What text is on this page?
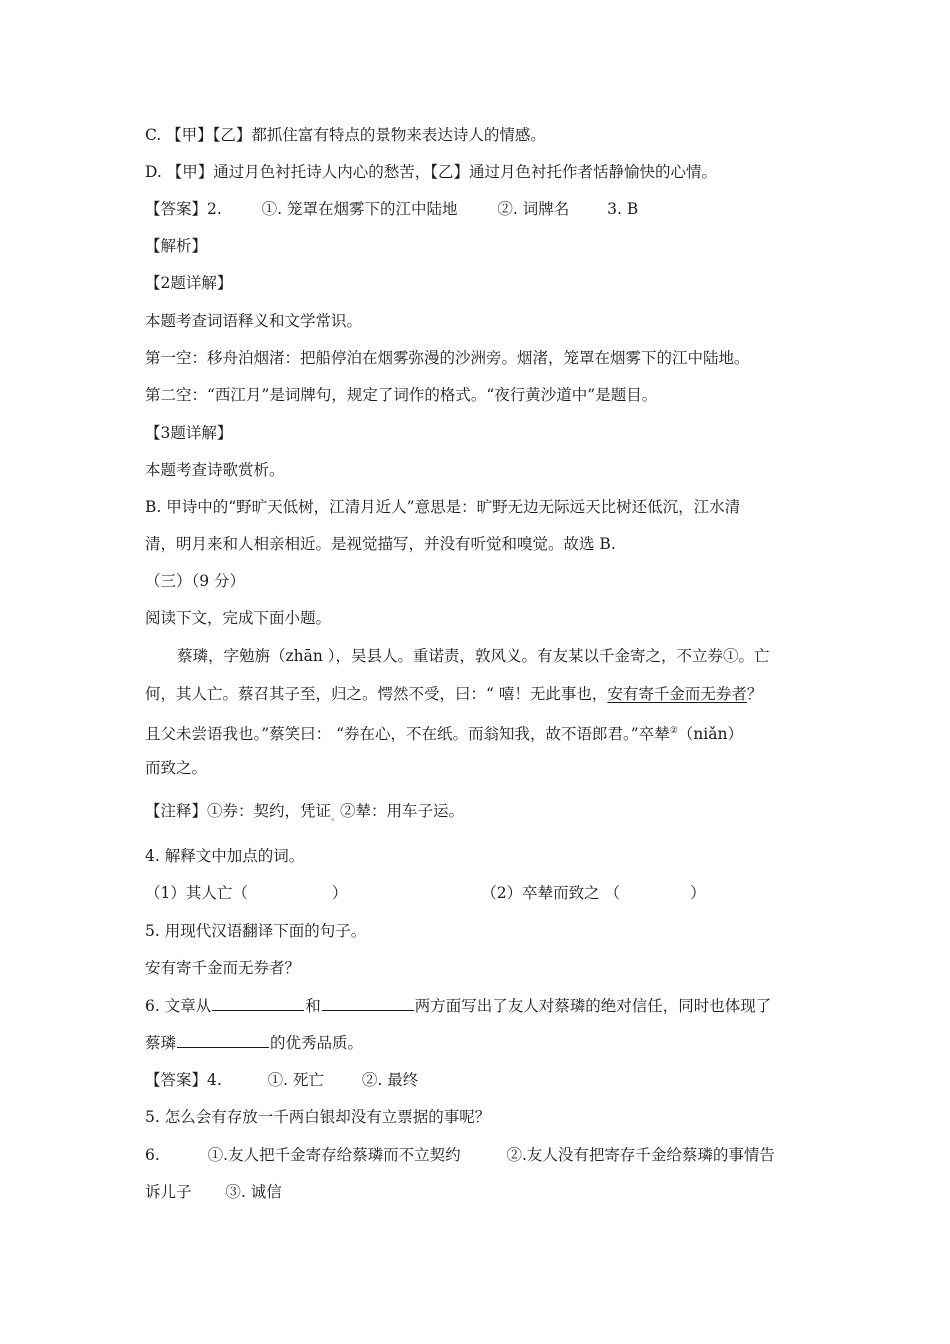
C. 【甲】【乙】都抓住富有特点的景物来表达诗人的情感。
D. 【甲】通过月色衬托诗人内心的愁苦，【乙】通过月色衬托作者恬静愉快的心情。
【答案】2.	①. 笼罩在烟雾下的江中陆地	②. 词牌名 3. B
【解析】
【2题详解】
本题考查词语释义和文学常识。
第一空：移舟泊烟渚：把船停泊在烟雾弥漫的沙洲旁。烟渚，笼罩在烟雾下的江中陆地。
第二空：“西江月”是词牌句，规定了词作的格式。“夜行黄沙道中”是题目。
【3题详解】
本题考查诗歌赏析。
B. 甲诗中的“野旷天低树，江清月近人”意思是：旷野无边无际远天比树还低沉，江水清
清，明月来和人相亲相近。是视觉描写，并没有听觉和嗅觉。故选 B.
（三）（9 分）
阅读下文，完成下面小题。
蔡璘，字勉旃（zhān ），吴县人。重诺责，敦风义。有友某以千金寄之，不立券①。亡
何，其人亡。蔡召其子至，归之。愕然不受，曰：“ 嘻！无此事也，安有寄千金而无券者？
且父未尝语我也。”蔡笑曰： “券在心，不在纸。而翁知我，故不语郎君。”卒辇②（niǎn）
而致之。
【注释】①券：契约，凭证$_。$②辇：用车子运。
4. 解释文中加点的词。
（1）其人亡（	）	（2）卒辇而致之 （	）
5. 用现代汉语翻译下面的句子。
安有寄千金而无券者？
6. 文章从	和	两方面写出了友人对蔡璘的绝对信任，同时也体现了
蔡璘	的优秀品质。
【答案】4.	①. 死亡 ②. 最终
5. 怎么会有存放一千两白银却没有立票据的事呢？
6.	①.友人把千金寄存给蔡璘而不立契约	②.友人没有把寄存千金给蔡璘的事情告
诉儿子 ③. 诚信
